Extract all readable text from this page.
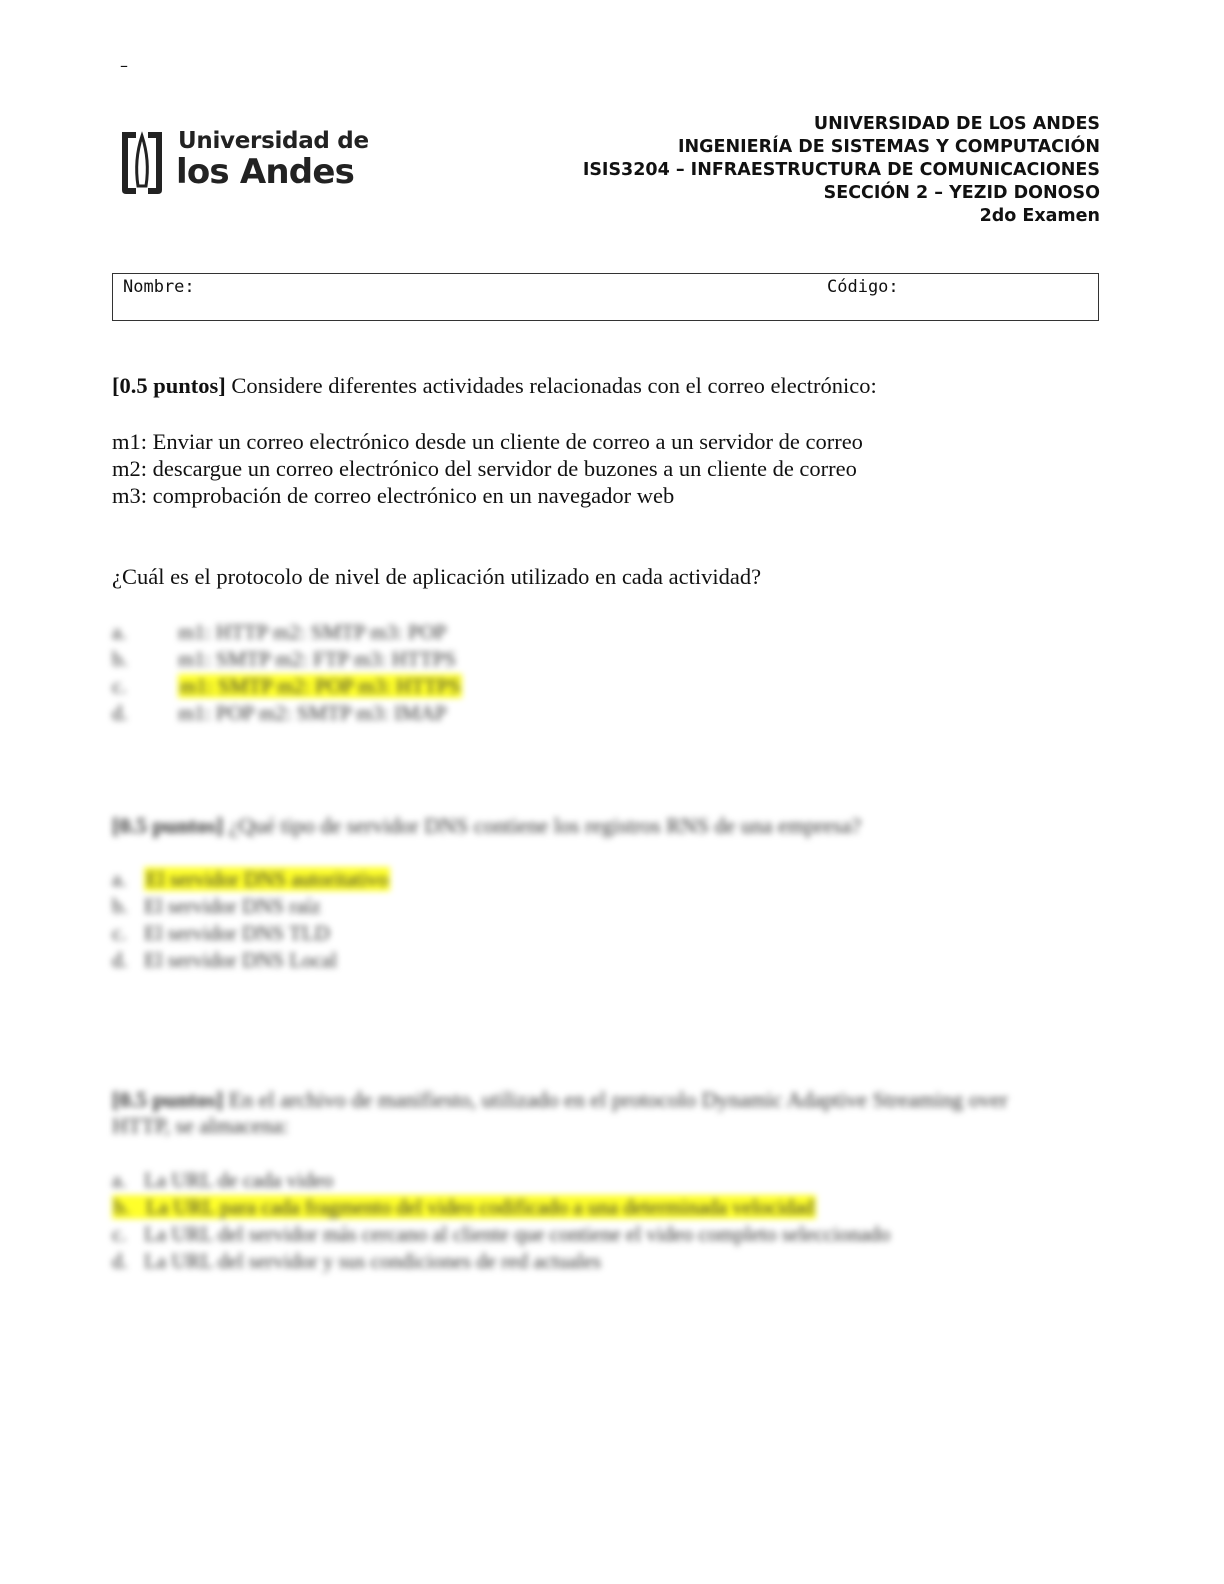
–
Universidad de
los Andes
UNIVERSIDAD DE LOS ANDES
INGENIERÍA DE SISTEMAS Y COMPUTACIÓN
ISIS3204 – INFRAESTRUCTURA DE COMUNICACIONES
SECCIÓN 2 – YEZID DONOSO
2do Examen
Nombre:	Código:
[0.5 puntos] Considere diferentes actividades relacionadas con el correo electrónico:
m1: Enviar un correo electrónico desde un cliente de correo a un servidor de correo
m2: descargue un correo electrónico del servidor de buzones a un cliente de correo
m3: comprobación de correo electrónico en un navegador web
¿Cuál es el protocolo de nivel de aplicación utilizado en cada actividad?
a. m1: HTTP m2: SMTP m3: POP
b. m1: SMTP m2: FTP m3: HTTPS
c.	m1: SMTP m2: POP m3: HTTPS
d. m1: POP m2: SMTP m3: IMAP
[0.5 puntos] ¿Qué tipo de servidor DNS contiene los registros RNS de una empresa?
a. El servidor DNS autoritativo
b. El servidor DNS raíz
c. El servidor DNS TLD
d. El servidor DNS Local
[0.5 puntos] En el archivo de manifiesto, utilizado en el protocolo Dynamic Adaptive Streaming over
HTTP, se almacena:
a. La URL de cada video
b. La URL para cada fragmento del video codificado a una determinada velocidad
c. La URL del servidor más cercano al cliente que contiene el video completo seleccionado
d. La URL del servidor y sus condiciones de red actuales
